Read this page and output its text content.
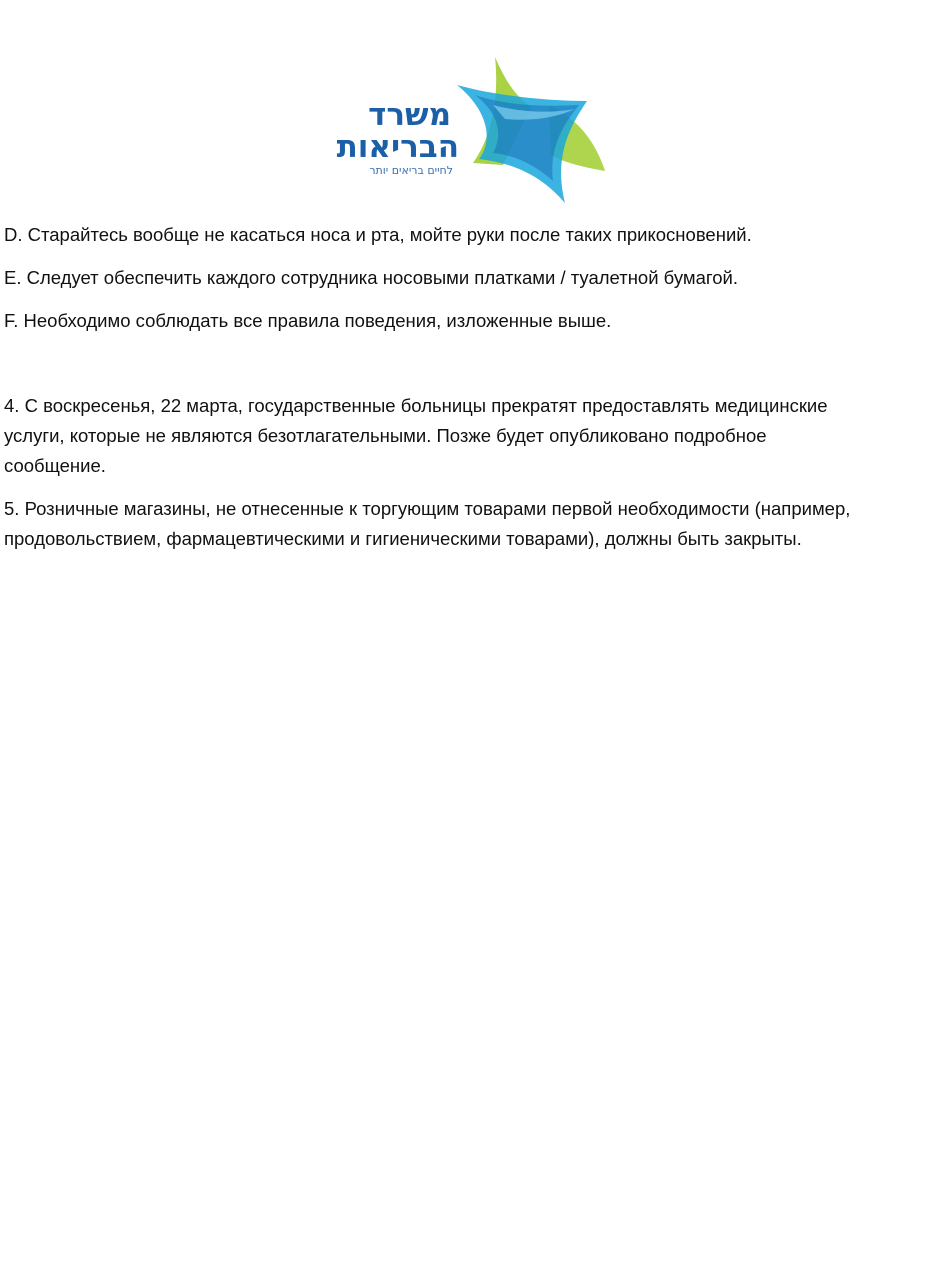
משרד
הבריאות
לחיים בריאים יותר

D. Старайтесь вообще не касаться носа и рта, мойте руки после таких прикосновений.

E. Следует обеспечить каждого сотрудника носовыми платками / туалетной бумагой.

F. Необходимо соблюдать все правила поведения, изложенные выше.

4. С воскресенья, 22 марта, государственные больницы прекратят предоставлять медицинские
услуги, которые не являются безотлагательными. Позже будет опубликовано подробное
сообщение.

5. Розничные магазины, не отнесенные к торгующим товарами первой необходимости (например,
продовольствием, фармацевтическими и гигиеническими товарами), должны быть закрыты.
